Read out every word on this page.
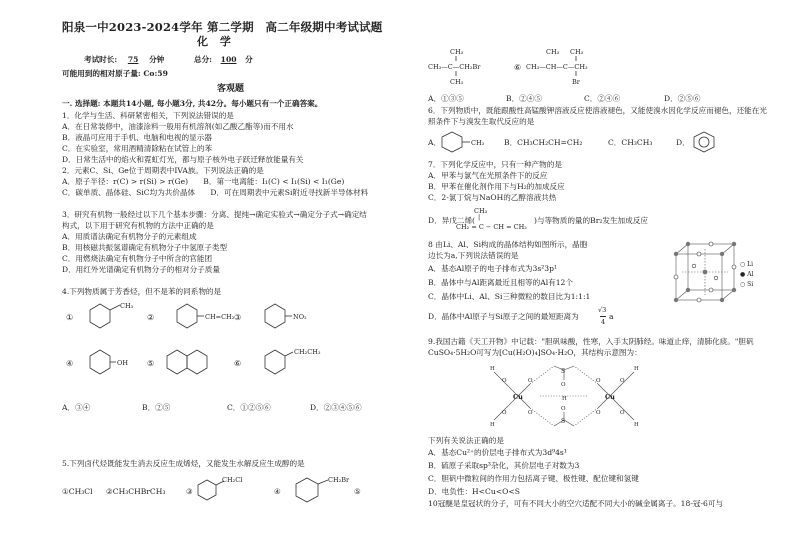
阳泉一中2023-2024学年 第二学期　高二年级期中考试试题
化 学
考试时长: 75 分钟	总分: 100 分
可能用到的相对原子量: Co:59
客观题
一. 选择题: 本题共14小题, 每小题3分, 共42分。每小题只有一个正确答案。
1．化学与生活、科研紧密相关，下列说法错误的是
A．在日常装修中，油漆涂料一般用有机溶剂(如乙酸乙酯等)而不用水
B．液晶可应用于手机、电脑和电视的显示器
C．在实验室，常用酒精清除粘在试管上的苯
D．日常生活中的焰火和霓虹灯光，都与原子核外电子跃迁释放能量有关
2．元素C、Si、Ge位于周期表中IVA族。下列说法正确的是
A．原子半径：r(C) > r(Si) > r(Ge)　　B．第一电离能：I₁(C) < I₁(Si) < I₁(Ge)
C．碳单质、晶体硅、SiC均为共价晶体　　D．可在周期表中元素Si附近寻找新半导体材料
3．研究有机物一般经过以下几个基本步骤：分离、提纯→确定实验式→确定分子式→确定结
构式，以下用于研究有机物的方法中正确的是
A．用质谱法确定有机物分子的元素组成
B．用核磁共振氢谱确定有机物分子中氢原子类型
C．用燃烧法确定有机物分子中所含的官能团
D．用红外光谱确定有机物分子的相对分子质量
4.下列物质属于芳香烃，但不是苯的同系物的是
①
CH₃
②	CH=CH₂ ③	NO₂
④	OH ⑤	⑥
CH₂CH₃
A．③④	B．②⑤	C．①②⑤⑥	D．②③④⑤⑥
5.下列卤代烃既能发生消去反应生成烯烃，又能发生水解反应生成醇的是
①CH₃Cl ②CH₃CHBrCH₃	③
CH₂Cl
④
CH₂Br
⑤
CH₃
CH₃—C—CH₂Br
CH₃
⑥ CH₃—CH—C—CH₃
CH₃ CH₃
Br
A．①③⑤	B．②④⑤	C．②④⑥	D．②⑤⑥
6．下列物质中，既能跟酸性高锰酸钾溶液反应使溶液褪色，又能使溴水因化学反应而褪色，还能在光
照条件下与溴发生取代反应的是
A．	CH₃	B．CH₃CH₂CH=CH₂	C．CH₃CH₃	D．
7．下列化学反应中，只有一种产物的是
A．甲苯与氯气在光照条件下的反应
B．甲苯在催化剂作用下与H₂的加成反应
C．2-氯丁烷与NaOH的乙醇溶液共热
D．异戊二烯(
CH₃
|
CH₂ = C − CH = CH₂
)与等物质的量的Br₂发生加成反应
8 由Li、Al、Si构成的晶体结构如图所示，晶胞
边长为a,下列说法错误的是
A．基态Al原子的电子排布式为3s²3p¹
B．晶体中与Al距离最近且相等的Al有12个
C．晶体中Li、Al、Si三种微粒的数目比为1:1:1
D．晶体中Al原子与Si原子之间的最短距离为
√3
4
a
○ Li
● Al
○ Si
9.我国古籍《天工开物》中记载："胆矾味酸，性寒，入手太阴肺经。味道止痒，清肺化痰。"胆矾
CuSO₄·5H₂O可写为[Cu(H₂O)₄]SO₄·H₂O，其结构示意图为：
Cu	Cu
S
S
O	O
O	O
O	O
O	O
O
O
H
H
H
H
H
下列有关说法正确的是
A．基态Cu²⁺的价层电子排布式为3d⁹4s¹
B．硫原子采取sp³杂化，其价层电子对数为3
C．胆矾中微粒间的作用力包括离子键、极性键、配位键和氢键
D．电负性：H<Cu<O<S
10冠醚是皇冠状的分子，可有不同大小的空穴适配不同大小的碱金属离子。18-冠-6可与
